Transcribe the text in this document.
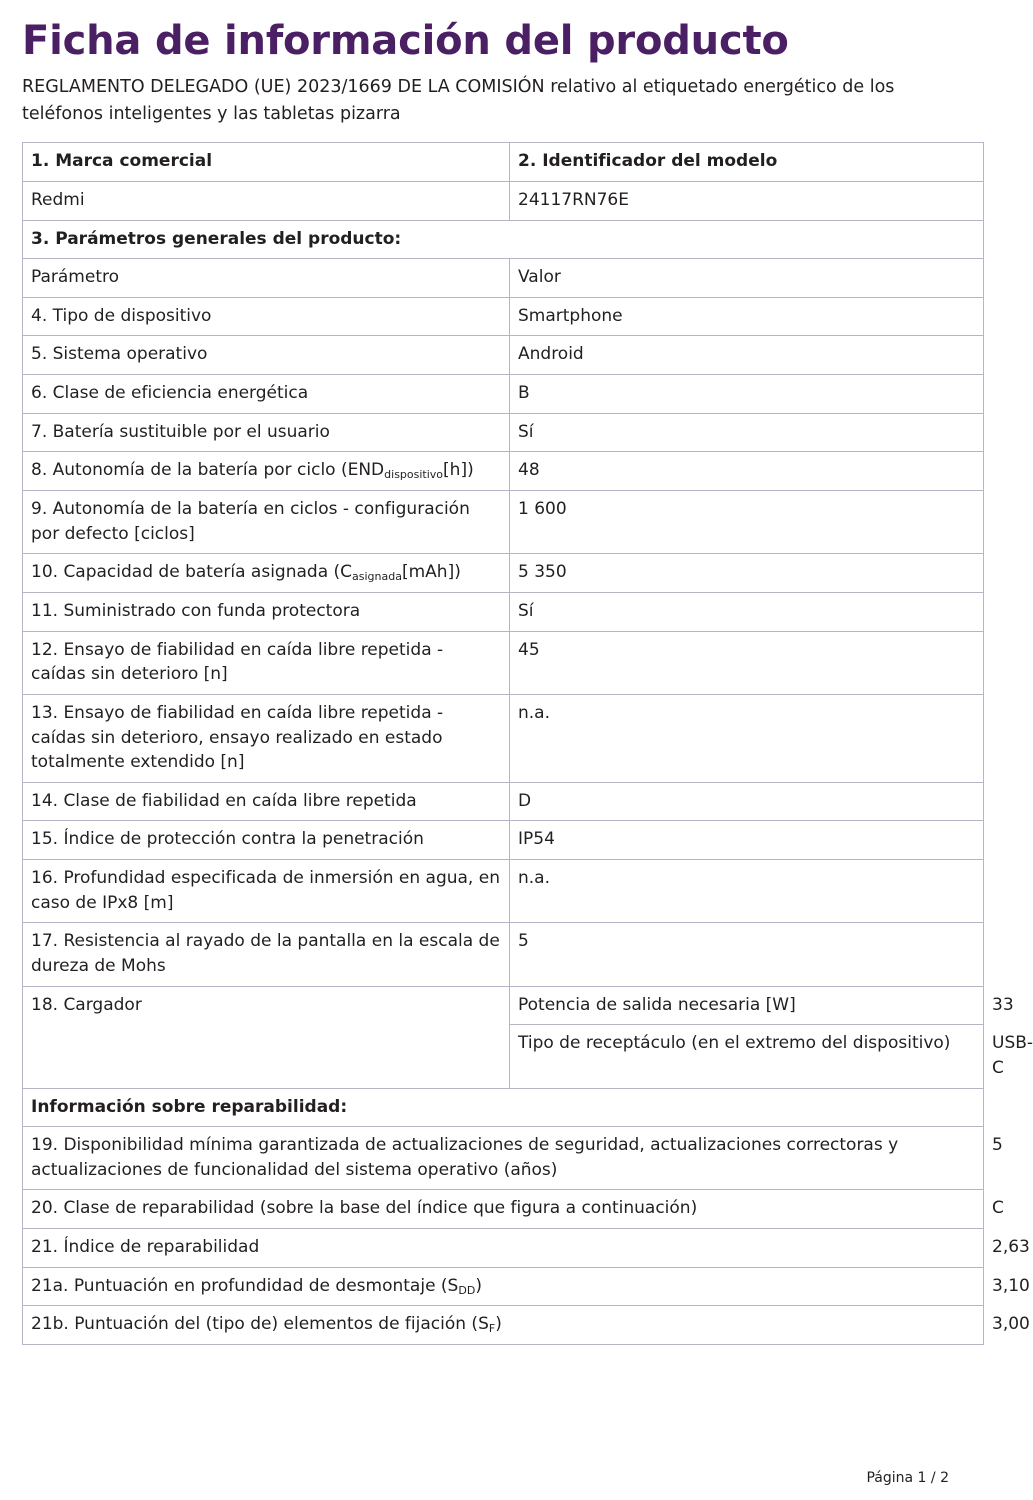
Ficha de información del producto

REGLAMENTO DELEGADO (UE) 2023/1669 DE LA COMISIÓN relativo al etiquetado energético de los teléfonos inteligentes y las tabletas pizarra

1. Marca comercial	2. Identificador del modelo	
Redmi	24117RN76E	
3. Parámetros generales del producto:		
Parámetro	Valor	
4. Tipo de dispositivo	Smartphone	
5. Sistema operativo	Android	
6. Clase de eficiencia energética	B	
7. Batería sustituible por el usuario	Sí	
8. Autonomía de la batería por ciclo $(END_{dispositivo}[h])$	48	
9. Autonomía de la batería en ciclos - configuración por defecto [ciclos]	1 600	
10. Capacidad de batería asignada $(C_{asignada}[mAh])$	5 350	
11. Suministrado con funda protectora	Sí	
12. Ensayo de fiabilidad en caída libre repetida - caídas sin deterioro [n]	45	
13. Ensayo de fiabilidad en caída libre repetida - caídas sin deterioro, ensayo realizado en estado totalmente extendido [n]	n.a.	
14. Clase de fiabilidad en caída libre repetida	D	
15. Índice de protección contra la penetración	IP54	
16. Profundidad especificada de inmersión en agua, en caso de IPx8 [m]	n.a.	
17. Resistencia al rayado de la pantalla en la escala de dureza de Mohs	5	
18. Cargador	Potencia de salida necesaria [W]	33
	Tipo de receptáculo (en el extremo del dispositivo)	USB-C
Información sobre reparabilidad:		
19. Disponibilidad mínima garantizada de actualizaciones de seguridad, actualizaciones correctoras y actualizaciones de funcionalidad del sistema operativo (años)		5
20. Clase de reparabilidad (sobre la base del índice que figura a continuación)		C
21. Índice de reparabilidad		2,63
21a. Puntuación en profundidad de desmontaje $(S_{DD})$		3,10
21b. Puntuación del (tipo de) elementos de fijación $(S_F)$		3,00
Página 1 / 2
